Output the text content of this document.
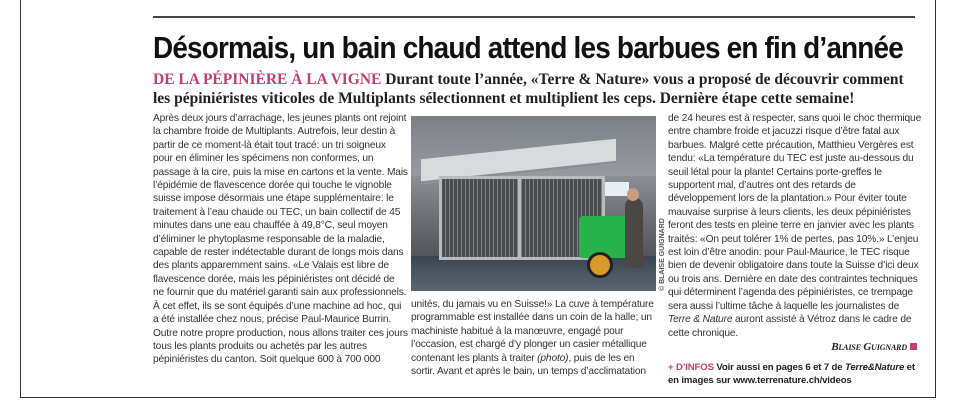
Désormais, un bain chaud attend les barbues en fin d’année
DE LA PÉPINIÈRE À LA VIGNE Durant toute l’année, «Terre & Nature» vous a proposé de découvrir comment les pépiniéristes viticoles de Multiplants sélectionnent et multiplient les ceps. Dernière étape cette semaine!

Après deux jours d’arrachage, les jeunes plants ont rejoint la chambre froide de Multiplants. Autrefois, leur destin à partir de ce moment-là était tout tracé: un tri soigneux pour en éliminer les spécimens non conformes, un passage à la cire, puis la mise en cartons et la vente. Mais l’épidémie de flavescence dorée qui touche le vignoble suisse impose désormais une étape supplémentaire: le traitement à l’eau chaude ou TEC, un bain collectif de 45 minutes dans une eau chauffée à 49,8°C, seul moyen d’éliminer le phytoplasme responsable de la maladie, capable de rester indétectable durant de longs mois dans des plants apparemment sains. «Le Valais est libre de flavescence dorée, mais les pépiniéristes ont décidé de ne fournir que du matériel garanti sain aux professionnels. À cet effet, ils se sont équipés d’une machine ad hoc, qui a été installée chez nous, précise Paul-Maurice Burrin. Outre notre propre production, nous allons traiter ces jours tous les plants produits ou achetés par les autres pépiniéristes du canton. Soit quelque 600 à 700 000

© BLAISE GUIGNARD

unités, du jamais vu en Suisse!» La cuve à température programmable est installée dans un coin de la halle; un machiniste habitué à la manœuvre, engagé pour l’occasion, est chargé d’y plonger un casier métallique contenant les plants à traiter (photo), puis de les en sortir. Avant et après le bain, un temps d’acclimatation

de 24 heures est à respecter, sans quoi le choc thermique entre chambre froide et jacuzzi risque d’être fatal aux barbues. Malgré cette précaution, Matthieu Vergères est tendu: «La température du TEC est juste au-dessous du seuil létal pour la plante! Certains porte-greffes le supportent mal, d’autres ont des retards de développement lors de la plantation.» Pour éviter toute mauvaise surprise à leurs clients, les deux pépiniéristes feront des tests en pleine terre en janvier avec les plants traités: «On peut tolérer 1% de pertes, pas 10%.» L’enjeu est loin d’être anodin: pour Paul-Maurice, le TEC risque bien de devenir obligatoire dans toute la Suisse d’ici deux ou trois ans. Dernière en date des contraintes techniques qui déterminent l’agenda des pépiniéristes, ce trempage sera aussi l’ultime tâche à laquelle les journalistes de Terre & Nature auront assisté à Vétroz dans le cadre de cette chronique.

Blaise Guignard
+ D’INFOS Voir aussi en pages 6 et 7 de Terre&Nature et en images sur www.terrenature.ch/videos
